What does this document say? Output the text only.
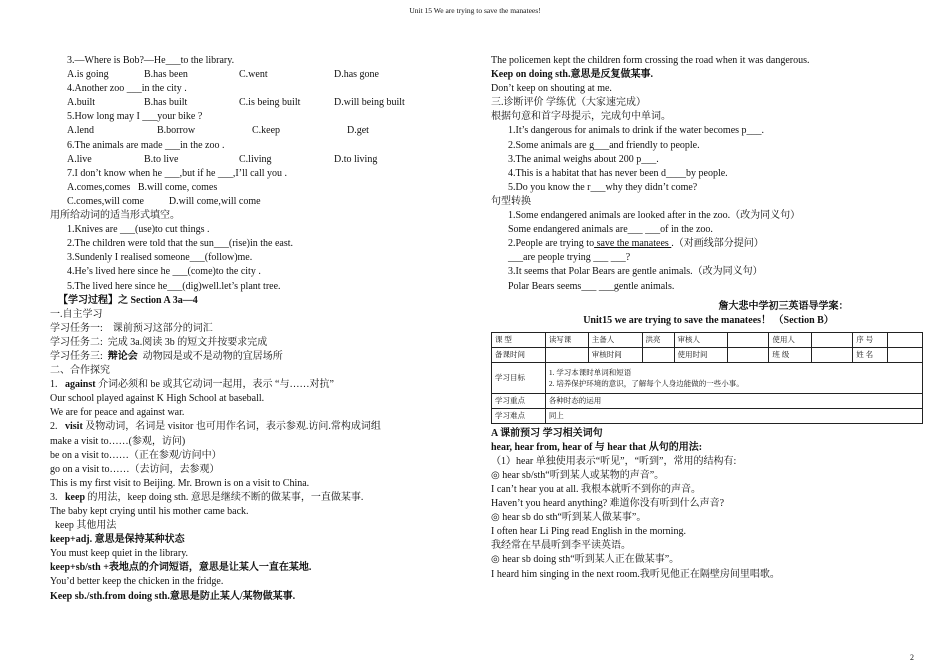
Unit 15 We are trying to save the manatees!
3.—Where is Bob?—He___to the library.
A.is going	B.has been	C.went	D.has gone
4.Another zoo ___in the city .
A.built	B.has built	C.is being built	D.will being built
5.How long may I ___your bike ?
A.lend	B.borrow	C.keep	D.get
6.The animals are made ___in the zoo .
A.live	B.to live	C.living	D.to living
7.I don’t know when he ___,but if he ___,I’ll call you .
A.comes,comes   B.will come, comes
C.comes,will come          D.will come,will come
用所给动词的适当形式填空。
1.Knives are ___(use)to cut things .
2.The children were told that the sun___(rise)in the east.
3.Sundenly I realised someone___(follow)me.
4.He’s lived here since he ___(come)to the city .
5.The lived here since he___(dig)well.let’s plant tree.
【学习过程】之 Section A 3a—4
一.自主学习
学习任务一:    课前预习这部分的词汇
学习任务二:  完成 3a.阅读 3b 的短文并按要求完成
学习任务三:  辩论会  动物园是或不是动物的宜居场所
二、合作探究
1.   against 介词必须和 be 或其它动词一起用，表示 “与……对抗”
Our school played against K High School at baseball.
We are for peace and against war.
2.   visit 及物动词，名词是 visitor 也可用作名词，表示参观.访问.常构成词组
make a visit to……(参观，访问)
be on a visit to……（正在参观/访问中）
go on a visit to……（去访问，去参观）
This is my first visit to Beijing. Mr. Brown is on a visit to China.
3.   keep 的用法，keep doing sth. 意思是继续不断的做某事，一直做某事.
The baby kept crying until his mother came back.
keep 其他用法
keep+adj. 意思是保持某种状态
You must keep quiet in the library.
keep+sb/sth +表地点的介词短语，意思是让某人一直在某地.
You’d better keep the chicken in the fridge.
Keep sb./sth.from doing sth.意思是防止某人/某物做某事.
The policemen kept the children form crossing the road when it was dangerous.
Keep on doing sth.意思是反复做某事.
Don’t keep on shouting at me.
三.诊断评价 学练优（大家速完成）
根据句意和首字母提示，完成句中单词。
1.It’s dangerous for animals to drink if the water becomes p___.
2.Some animals are g___and friendly to people.
3.The animal weighs about 200 p___.
4.This is a habitat that has never been d____by people.
5.Do you know the r___why they didn’t come?
句型转换
1.Some endangered animals are looked after in the zoo.（改为同义句）
Some endangered animals are___ ___of in the zoo.
2.People are trying to save the manatees .（对画线部分提问）
___are people trying ___ ___?
3.It seems that Polar Bears are gentle animals.（改为同义句）
Polar Bears seems___ ___gentle animals.
詹大悲中学初三英语导学案：
Unit15 we are trying to save the manatees！ （Section B）
课 型	读写课	主备人	洪亮	审核人		使用人		序 号	
备课时间		审核时间		使用时间		班 级		姓 名	
学习目标	1. 学习本课时单词和短语
2. 培养保护环境的意识，了解每个人身边能做的一些小事。								

学习重点	各种时态的运用								
学习难点	同上								
A 课前预习 学习相关词句
hear, hear from, hear of 与 hear that 从句的用法:
（1）hear 单独使用表示“听见”，“听到”，常用的结构有:
◎ hear sb/sth“听到某人或某物的声音”。
I can’t hear you at all. 我根本就听不到你的声音。
Haven’t you heard anything? 难道你没有听到什么声音?
◎ hear sb do sth“听到某人做某事”。
I often hear Li Ping read English in the morning.
我经常在早晨听到李平读英语。
◎ hear sb doing sth“听到某人正在做某事”。
I heard him singing in the next room.我听见他正在隔壁房间里唱歌。
2
